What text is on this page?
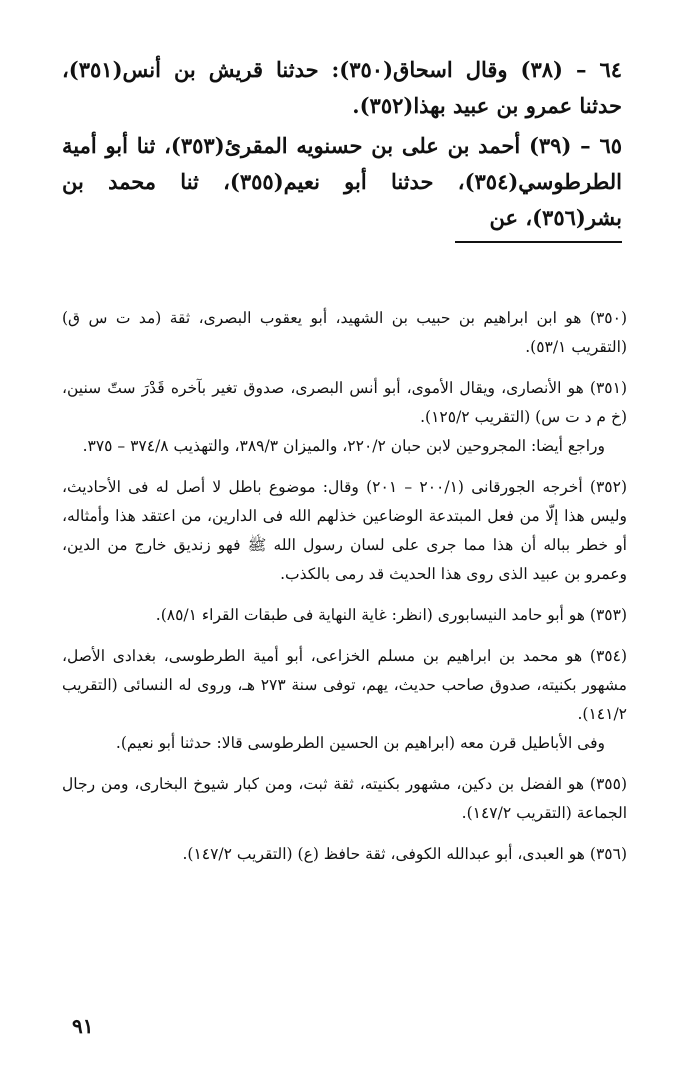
٦٤ – (٣٨) وقال اسحاق(٣٥٠): حدثنا قريش بن أنس(٣٥١)، حدثنا عمرو بن عبيد بهذا(٣٥٢).

٦٥ – (٣٩) أحمد بن على بن حسنويه المقرئ(٣٥٣)، ثنا أبو أمية الطرطوسي(٣٥٤)، حدثنا أبو نعيم(٣٥٥)، ثنا محمد بن بشر(٣٥٦)، عن

(٣٥٠) هو ابن ابراهيم بن حبيب بن الشهيد، أبو يعقوب البصرى، ثقة (مد ت س ق) (التقريب ٥٣/١).

(٣٥١) هو الأنصارى، ويقال الأموى، أبو أنس البصرى، صدوق تغير بآخره قَدْرَ ستّ سنين، (خ م د ت س) (التقريب ١٢٥/٢).

وراجع أيضا: المجروحين لابن حبان ٢٢٠/٢، والميزان ٣٨٩/٣، والتهذيب ٣٧٤/٨ – ٣٧٥.

(٣٥٢) أخرجه الجورقانى (٢٠٠/١ – ٢٠١) وقال: موضوع باطل لا أصل له فى الأحاديث، وليس هذا إلّا من فعل المبتدعة الوضاعين خذلهم الله فى الدارين، من اعتقد هذا وأمثاله، أو خطر بباله أن هذا مما جرى على لسان رسول الله ﷺ فهو زنديق خارج من الدين، وعمرو بن عبيد الذى روى هذا الحديث قد رمى بالكذب.

(٣٥٣) هو أبو حامد النيسابورى (انظر: غاية النهاية فى طبقات القراء ٨٥/١).

(٣٥٤) هو محمد بن ابراهيم بن مسلم الخزاعى، أبو أمية الطرطوسى، بغدادى الأصل، مشهور بكنيته، صدوق صاحب حديث، يهم، توفى سنة ٢٧٣ هـ، وروى له النسائى (التقريب ١٤١/٢).

وفى الأباطيل قرن معه (ابراهيم بن الحسين الطرطوسى قالا: حدثنا أبو نعيم).

(٣٥٥) هو الفضل بن دكين، مشهور بكنيته، ثقة ثبت، ومن كبار شيوخ البخارى، ومن رجال الجماعة (التقريب ١٤٧/٢).

(٣٥٦) هو العبدى، أبو عبدالله الكوفى، ثقة حافظ (ع) (التقريب ١٤٧/٢).

٩١
